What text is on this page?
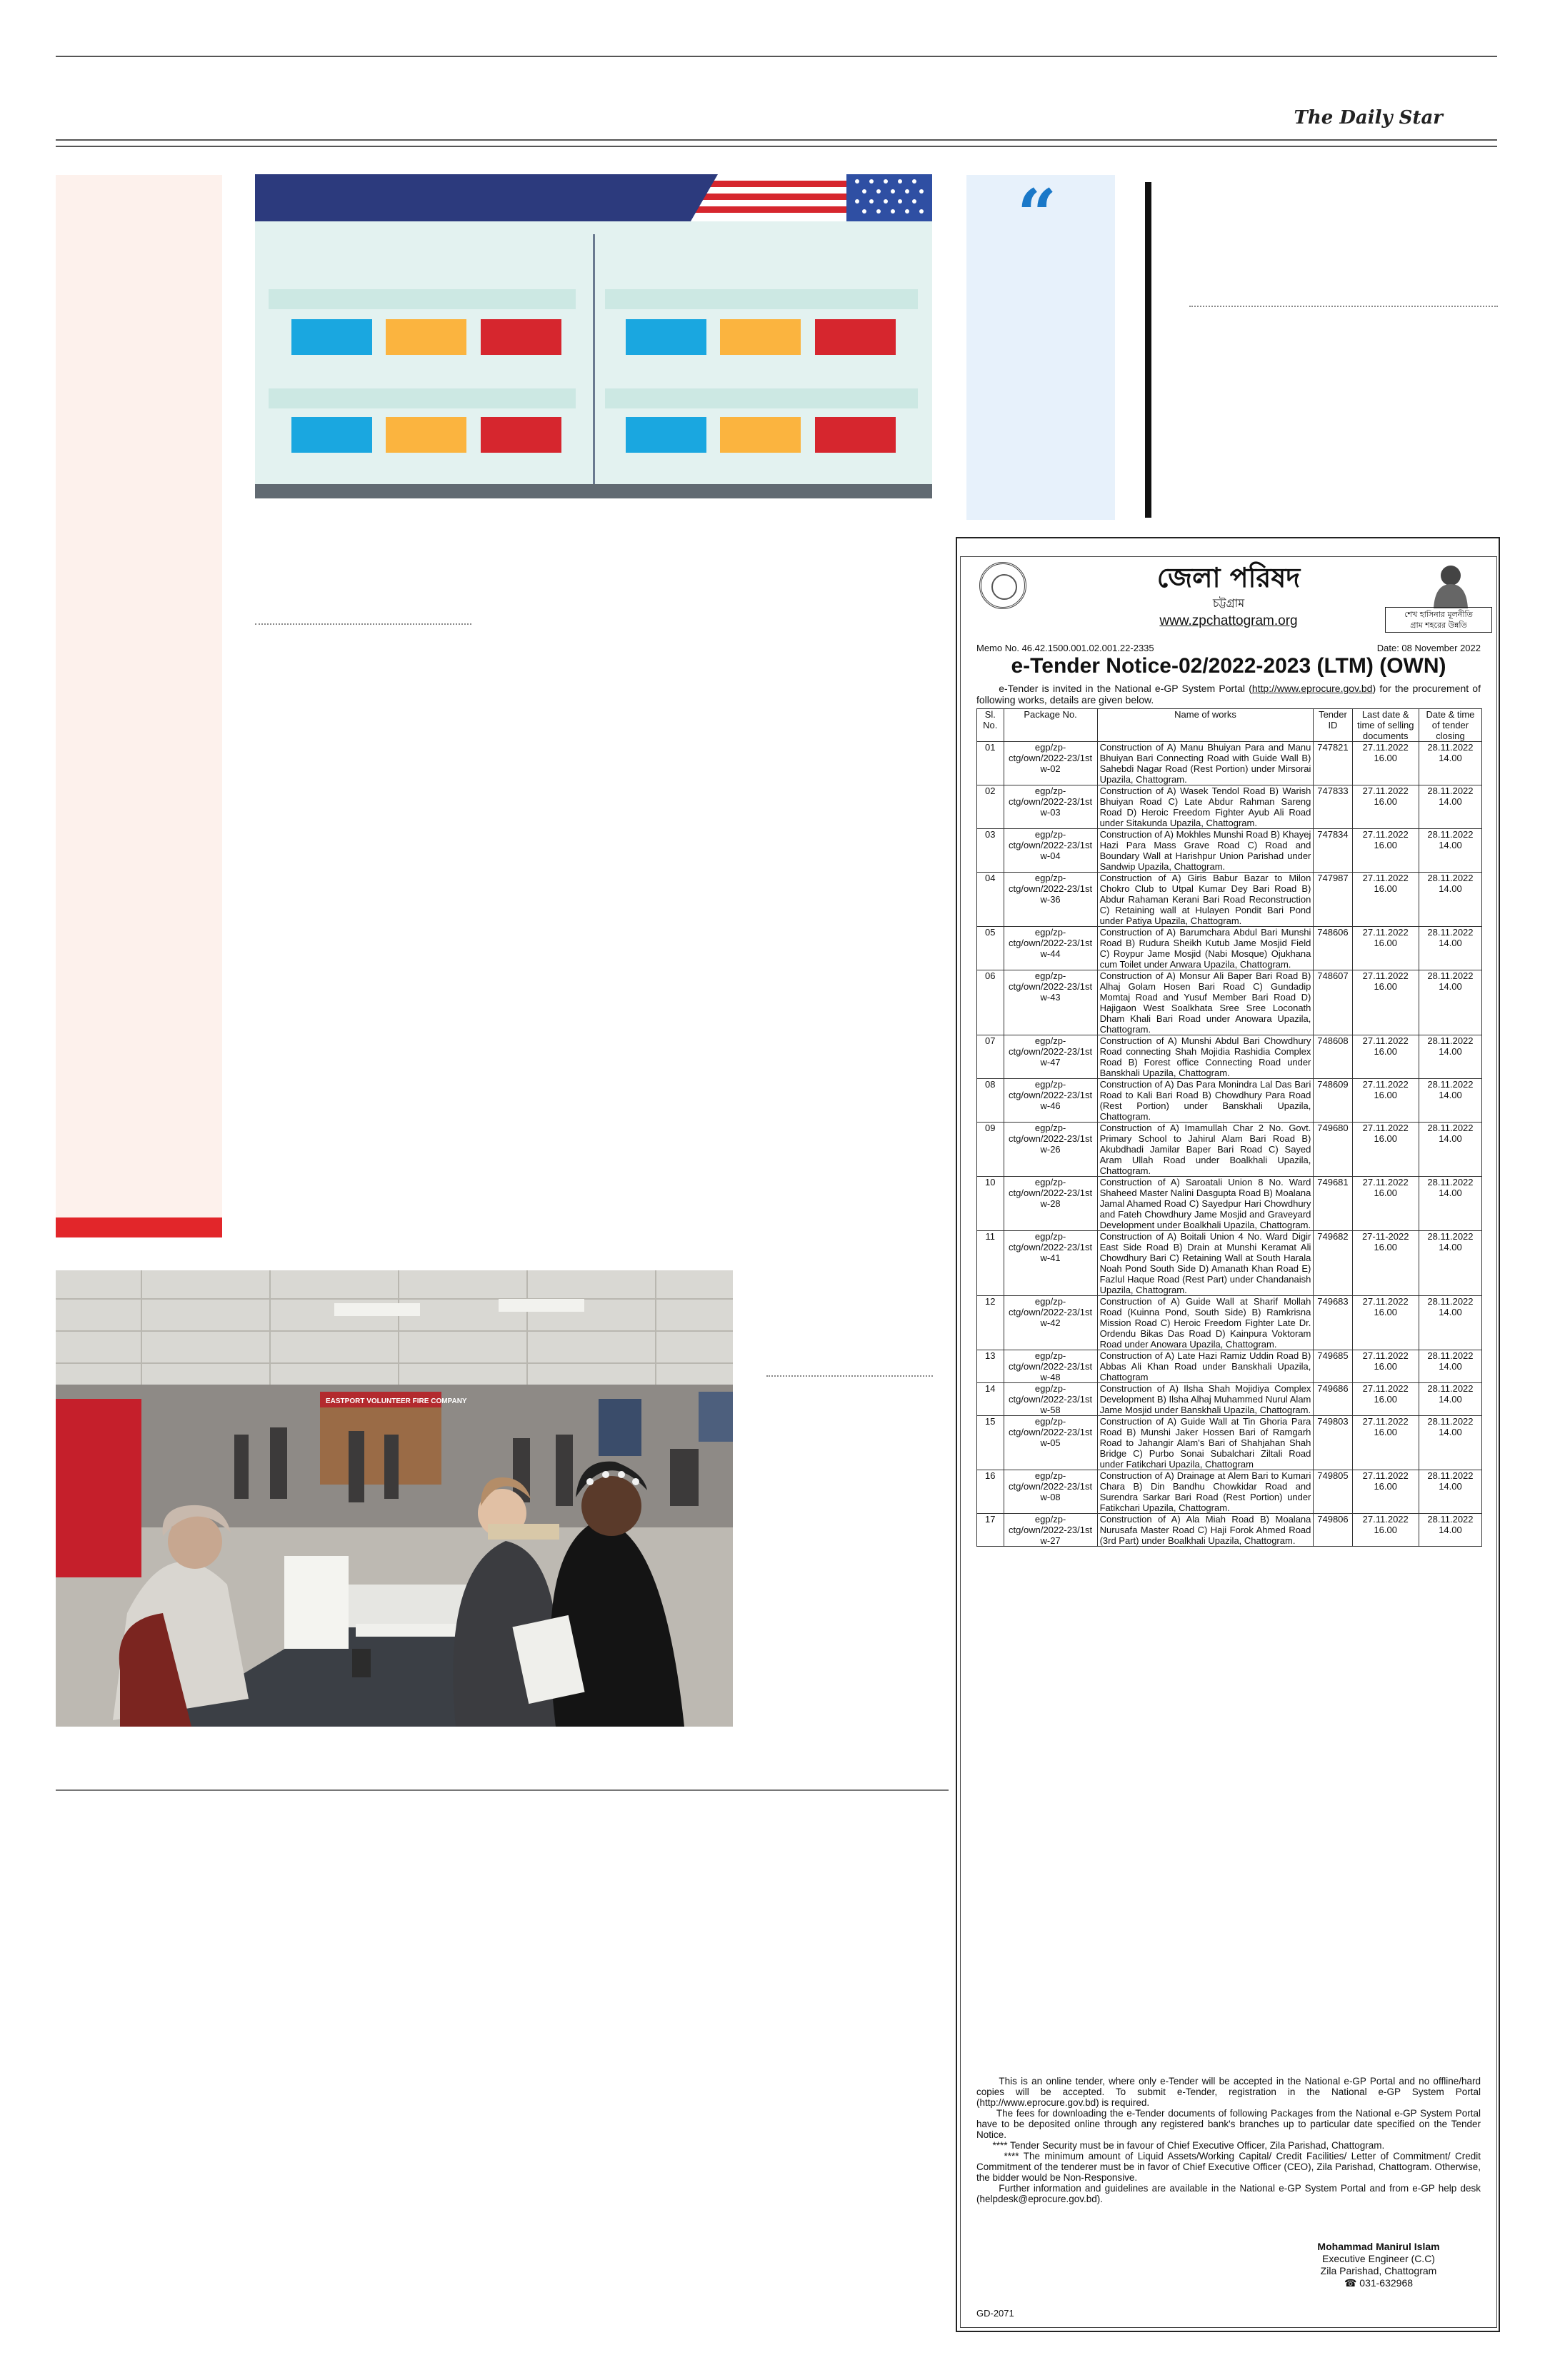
The Daily Star
“
EASTPORT VOLUNTEER FIRE COMPANY
শেখ হাসিনার মূলনীতি
গ্রাম শহরের উন্নতি
জেলা পরিষদ
চট্টগ্রাম
www.zpchattogram.org
Memo No. 46.42.1500.001.02.001.22-2335	Date: 08 November 2022
e-Tender Notice-02/2022-2023 (LTM) (OWN)
e-Tender is invited in the National e-GP System Portal (http://www.eprocure.gov.bd) for the procurement of following works, details are given below.
Sl. No.	Package No.	Name of works	Tender ID	Last date & time of selling documents	Date & time of tender closing
01	egp/zp-ctg/own/2022-23/1st w-02	Construction of A) Manu Bhuiyan Para and Manu Bhuiyan Bari Connecting Road with Guide Wall B) Sahebdi Nagar Road (Rest Portion) under Mirsorai Upazila, Chattogram.	747821	27.11.2022 16.00	28.11.2022 14.00
02	egp/zp-ctg/own/2022-23/1st w-03	Construction of A) Wasek Tendol Road B) Warish Bhuiyan Road C) Late Abdur Rahman Sareng Road D) Heroic Freedom Fighter Ayub Ali Road under Sitakunda Upazila, Chattogram.	747833	27.11.2022 16.00	28.11.2022 14.00
03	egp/zp-ctg/own/2022-23/1st w-04	Construction of A) Mokhles Munshi Road B) Khayej Hazi Para Mass Grave Road C) Road and Boundary Wall at Harishpur Union Parishad under Sandwip Upazila, Chattogram.	747834	27.11.2022 16.00	28.11.2022 14.00
04	egp/zp-ctg/own/2022-23/1st w-36	Construction of A) Giris Babur Bazar to Milon Chokro Club to Utpal Kumar Dey Bari Road B) Abdur Rahaman Kerani Bari Road Reconstruction C) Retaining wall at Hulayen Pondit Bari Pond under Patiya Upazila, Chattogram.	747987	27.11.2022 16.00	28.11.2022 14.00
05	egp/zp-ctg/own/2022-23/1st w-44	Construction of A) Barumchara Abdul Bari Munshi Road B) Rudura Sheikh Kutub Jame Mosjid Field C) Roypur Jame Mosjid (Nabi Mosque) Ojukhana cum Toilet under Anwara Upazila, Chattogram.	748606	27.11.2022 16.00	28.11.2022 14.00
06	egp/zp-ctg/own/2022-23/1st w-43	Construction of A) Monsur Ali Baper Bari Road B) Alhaj Golam Hosen Bari Road C) Gundadip Momtaj Road and Yusuf Member Bari Road D) Hajigaon West Soalkhata Sree Sree Loconath Dham Khali Bari Road under Anowara Upazila, Chattogram.	748607	27.11.2022 16.00	28.11.2022 14.00
07	egp/zp-ctg/own/2022-23/1st w-47	Construction of A) Munshi Abdul Bari Chowdhury Road connecting Shah Mojidia Rashidia Complex Road B) Forest office Connecting Road under Banskhali Upazila, Chattogram.	748608	27.11.2022 16.00	28.11.2022 14.00
08	egp/zp-ctg/own/2022-23/1st w-46	Construction of A) Das Para Monindra Lal Das Bari Road to Kali Bari Road B) Chowdhury Para Road (Rest Portion) under Banskhali Upazila, Chattogram.	748609	27.11.2022 16.00	28.11.2022 14.00
09	egp/zp-ctg/own/2022-23/1st w-26	Construction of A) Imamullah Char 2 No. Govt. Primary School to Jahirul Alam Bari Road B) Akubdhadi Jamilar Baper Bari Road C) Sayed Aram Ullah Road under Boalkhali Upazila, Chattogram.	749680	27.11.2022 16.00	28.11.2022 14.00
10	egp/zp-ctg/own/2022-23/1st w-28	Construction of A) Saroatali Union 8 No. Ward Shaheed Master Nalini Dasgupta Road B) Moalana Jamal Ahamed Road C) Sayedpur Hari Chowdhury and Fateh Chowdhury Jame Mosjid and Graveyard Development under Boalkhali Upazila, Chattogram.	749681	27.11.2022 16.00	28.11.2022 14.00
11	egp/zp-ctg/own/2022-23/1st w-41	Construction of A) Boitali Union 4 No. Ward Digir East Side Road B) Drain at Munshi Keramat Ali Chowdhury Bari C) Retaining Wall at South Harala Noah Pond South Side D) Amanath Khan Road E) Fazlul Haque Road (Rest Part) under Chandanaish Upazila, Chattogram.	749682	27-11-2022 16.00	28.11.2022 14.00
12	egp/zp-ctg/own/2022-23/1st w-42	Construction of A) Guide Wall at Sharif Mollah Road (Kuinna Pond, South Side) B) Ramkrisna Mission Road C) Heroic Freedom Fighter Late Dr. Ordendu Bikas Das Road D) Kainpura Voktoram Road under Anowara Upazila, Chattogram.	749683	27.11.2022 16.00	28.11.2022 14.00
13	egp/zp-ctg/own/2022-23/1st w-48	Construction of A) Late Hazi Ramiz Uddin Road B) Abbas Ali Khan Road under Banskhali Upazila, Chattogram	749685	27.11.2022 16.00	28.11.2022 14.00
14	egp/zp-ctg/own/2022-23/1st w-58	Construction of A) Ilsha Shah Mojidiya Complex Development B) Ilsha Alhaj Muhammed Nurul Alam Jame Mosjid under Banskhali Upazila, Chattogram.	749686	27.11.2022 16.00	28.11.2022 14.00
15	egp/zp-ctg/own/2022-23/1st w-05	Construction of A) Guide Wall at Tin Ghoria Para Road B) Munshi Jaker Hossen Bari of Ramgarh Road to Jahangir Alam's Bari of Shahjahan Shah Bridge C) Purbo Sonai Subalchari Ziltali Road under Fatikchari Upazila, Chattogram	749803	27.11.2022 16.00	28.11.2022 14.00
16	egp/zp-ctg/own/2022-23/1st w-08	Construction of A) Drainage at Alem Bari to Kumari Chara B) Din Bandhu Chowkidar Road and Surendra Sarkar Bari Road (Rest Portion) under Fatikchari Upazila, Chattogram.	749805	27.11.2022 16.00	28.11.2022 14.00
17	egp/zp-ctg/own/2022-23/1st w-27	Construction of A) Ala Miah Road B) Moalana Nurusafa Master Road C) Haji Forok Ahmed Road (3rd Part) under Boalkhali Upazila, Chattogram.	749806	27.11.2022 16.00	28.11.2022 14.00

This is an online tender, where only e-Tender will be accepted in the National e-GP Portal and no offline/hard copies will be accepted. To submit e-Tender, registration in the National e-GP System Portal (http://www.eprocure.gov.bd) is required.

The fees for downloading the e-Tender documents of following Packages from the National e-GP System Portal have to be deposited online through any registered bank's branches up to particular date specified on the Tender Notice.

**** Tender Security must be in favour of Chief Executive Officer, Zila Parishad, Chattogram.

**** The minimum amount of Liquid Assets/Working Capital/ Credit Facilities/ Letter of Commitment/ Credit Commitment of the tenderer must be in favor of Chief Executive Officer (CEO), Zila Parishad, Chattogram. Otherwise, the bidder would be Non-Responsive.

Further information and guidelines are available in the National e-GP System Portal and from e-GP help desk (helpdesk@eprocure.gov.bd).

Mohammad Manirul Islam
Executive Engineer (C.C)
Zila Parishad, Chattogram
☎ 031-632968
GD-2071
